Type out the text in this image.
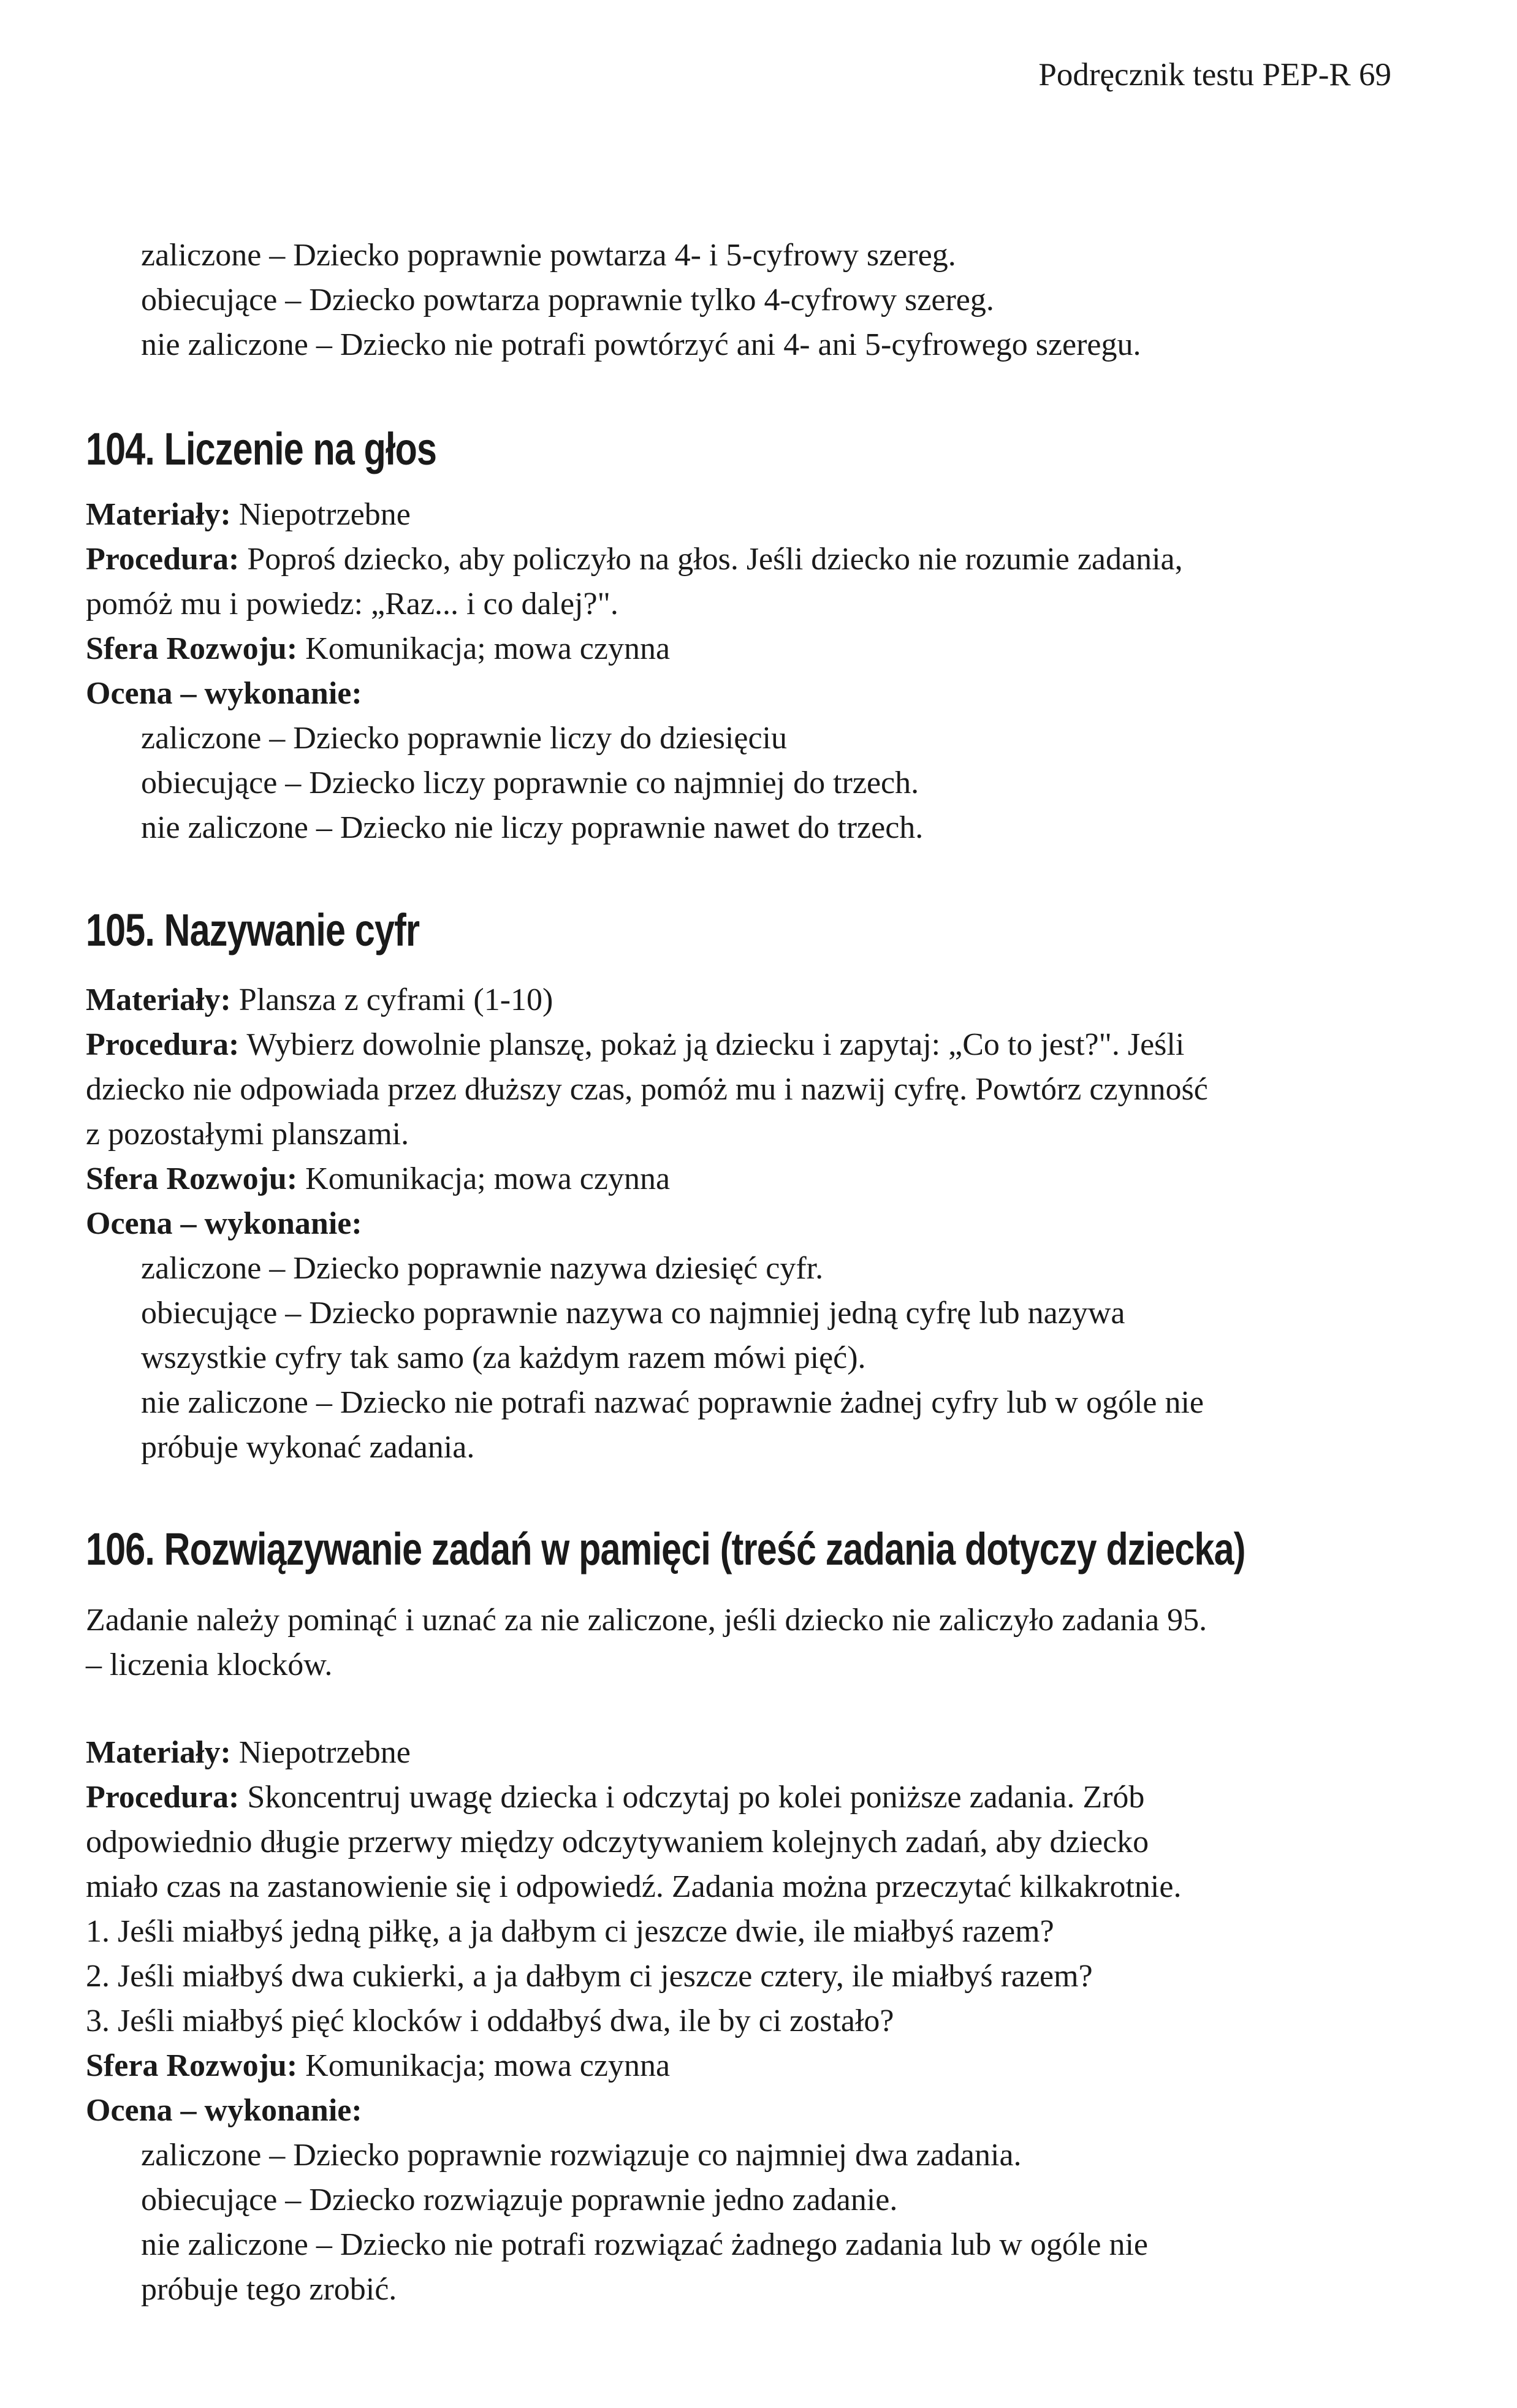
Podręcznik testu PEP-R 69
zaliczone – Dziecko poprawnie powtarza 4- i 5-cyfrowy szereg.
obiecujące – Dziecko powtarza poprawnie tylko 4-cyfrowy szereg.
nie zaliczone – Dziecko nie potrafi powtórzyć ani 4- ani 5-cyfrowego szeregu.
104. Liczenie na głos
Materiały: Niepotrzebne
Procedura: Poproś dziecko, aby policzyło na głos. Jeśli dziecko nie rozumie zadania,
pomóż mu i powiedz: „Raz... i co dalej?".
Sfera Rozwoju: Komunikacja; mowa czynna
Ocena – wykonanie:
zaliczone – Dziecko poprawnie liczy do dziesięciu
obiecujące – Dziecko liczy poprawnie co najmniej do trzech.
nie zaliczone – Dziecko nie liczy poprawnie nawet do trzech.
105. Nazywanie cyfr
Materiały: Plansza z cyframi (1-10)
Procedura: Wybierz dowolnie planszę, pokaż ją dziecku i zapytaj: „Co to jest?". Jeśli
dziecko nie odpowiada przez dłuższy czas, pomóż mu i nazwij cyfrę. Powtórz czynność
z pozostałymi planszami.
Sfera Rozwoju: Komunikacja; mowa czynna
Ocena – wykonanie:
zaliczone – Dziecko poprawnie nazywa dziesięć cyfr.
obiecujące – Dziecko poprawnie nazywa co najmniej jedną cyfrę lub nazywa
wszystkie cyfry tak samo (za każdym razem mówi pięć).
nie zaliczone – Dziecko nie potrafi nazwać poprawnie żadnej cyfry lub w ogóle nie
próbuje wykonać zadania.
106. Rozwiązywanie zadań w pamięci (treść zadania dotyczy dziecka)
Zadanie należy pominąć i uznać za nie zaliczone, jeśli dziecko nie zaliczyło zadania 95.
– liczenia klocków.
Materiały: Niepotrzebne
Procedura: Skoncentruj uwagę dziecka i odczytaj po kolei poniższe zadania. Zrób
odpowiednio długie przerwy między odczytywaniem kolejnych zadań, aby dziecko
miało czas na zastanowienie się i odpowiedź. Zadania można przeczytać kilkakrotnie.
1. Jeśli miałbyś jedną piłkę, a ja dałbym ci jeszcze dwie, ile miałbyś razem?
2. Jeśli miałbyś dwa cukierki, a ja dałbym ci jeszcze cztery, ile miałbyś razem?
3. Jeśli miałbyś pięć klocków i oddałbyś dwa, ile by ci zostało?
Sfera Rozwoju: Komunikacja; mowa czynna
Ocena – wykonanie:
zaliczone – Dziecko poprawnie rozwiązuje co najmniej dwa zadania.
obiecujące – Dziecko rozwiązuje poprawnie jedno zadanie.
nie zaliczone – Dziecko nie potrafi rozwiązać żadnego zadania lub w ogóle nie
próbuje tego zrobić.
